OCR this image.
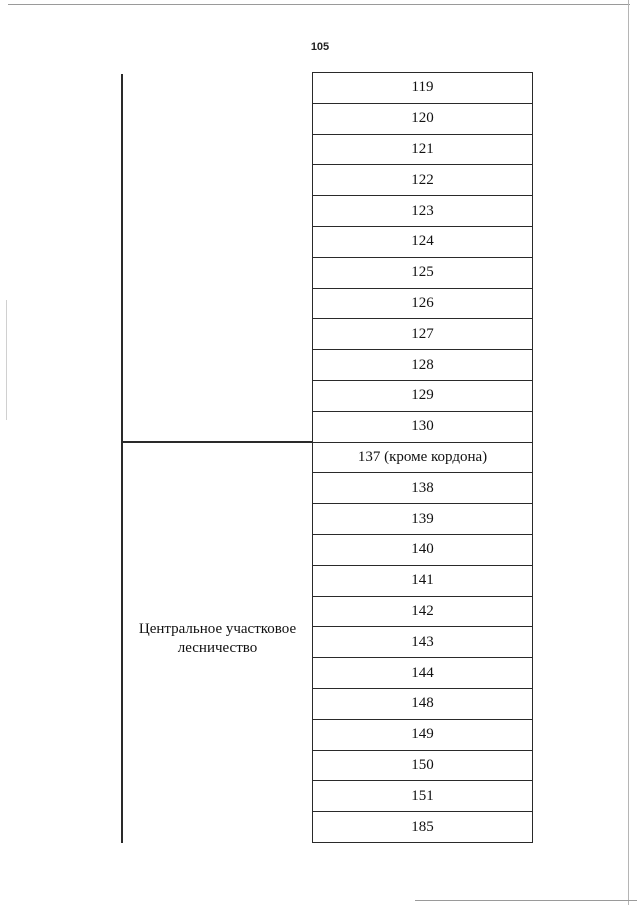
105
Центральное участковое лесничество
119
120
121
122
123
124
125
126
127
128
129
130
137 (кроме кордона)
138
139
140
141
142
143
144
148
149
150
151
185
